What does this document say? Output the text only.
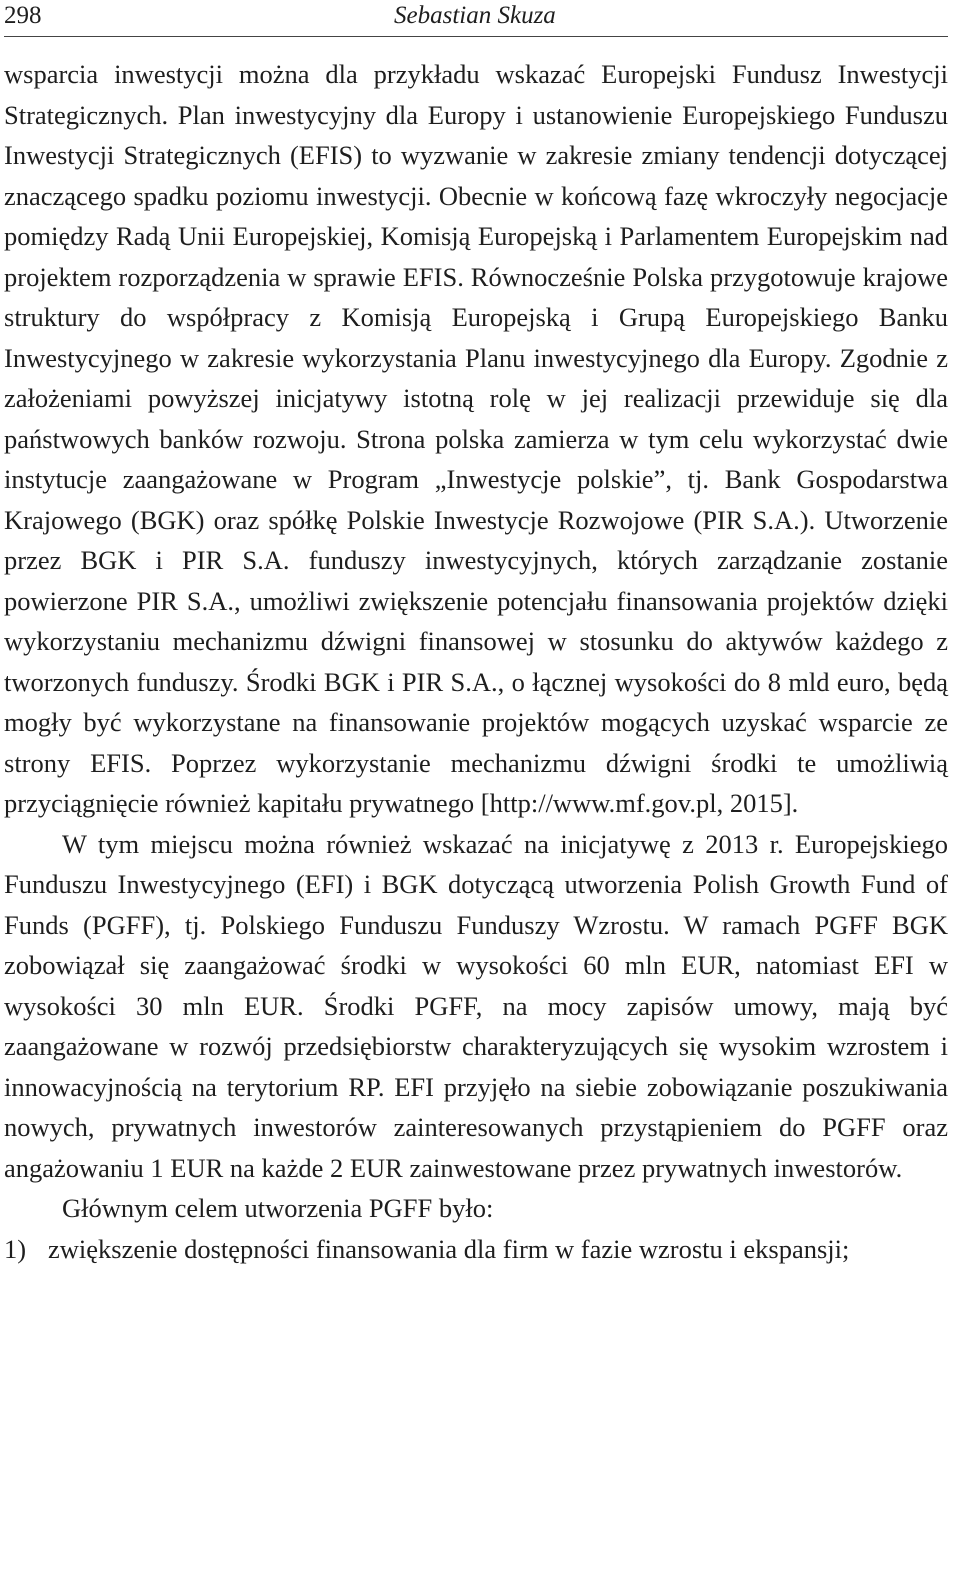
298	Sebastian Skuza

wsparcia inwestycji można dla przykładu wskazać Europejski Fundusz Inwestycji Strategicznych. Plan inwestycyjny dla Europy i ustanowienie Europejskiego Funduszu Inwestycji Strategicznych (EFIS) to wyzwanie w zakresie zmiany tendencji dotyczącej znaczącego spadku poziomu inwestycji. Obecnie w końcową fazę wkroczyły negocjacje pomiędzy Radą Unii Europejskiej, Komisją Europejską i Parlamentem Europejskim nad projektem rozporządzenia w sprawie EFIS. Równocześnie Polska przygotowuje krajowe struktury do współpracy z Komisją Europejską i Grupą Europejskiego Banku Inwestycyjnego w zakresie wykorzystania Planu inwestycyjnego dla Europy. Zgodnie z założeniami powyższej inicjatywy istotną rolę w jej realizacji przewiduje się dla państwowych banków rozwoju. Strona polska zamierza w tym celu wykorzystać dwie instytucje zaangażowane w Program „Inwestycje polskie”, tj. Bank Gospodarstwa Krajowego (BGK) oraz spółkę Polskie Inwestycje Rozwojowe (PIR S.A.). Utworzenie przez BGK i PIR S.A. funduszy inwestycyjnych, których zarządzanie zostanie powierzone PIR S.A., umożliwi zwiększenie potencjału finansowania projektów dzięki wykorzystaniu mechanizmu dźwigni finansowej w stosunku do aktywów każdego z tworzonych funduszy. Środki BGK i PIR S.A., o łącznej wysokości do 8 mld euro, będą mogły być wykorzystane na finansowanie projektów mogących uzyskać wsparcie ze strony EFIS. Poprzez wykorzystanie mechanizmu dźwigni środki te umożliwią przyciągnięcie również kapitału prywatnego [http://www.mf.gov.pl, 2015].

W tym miejscu można również wskazać na inicjatywę z 2013 r. Europejskiego Funduszu Inwestycyjnego (EFI) i BGK dotyczącą utworzenia Polish Growth Fund of Funds (PGFF), tj. Polskiego Funduszu Funduszy Wzrostu. W ramach PGFF BGK zobowiązał się zaangażować środki w wysokości 60 mln EUR, natomiast EFI w wysokości 30 mln EUR. Środki PGFF, na mocy zapisów umowy, mają być zaangażowane w rozwój przedsiębiorstw charakteryzujących się wysokim wzrostem i innowacyjnością na terytorium RP. EFI przyjęło na siebie zobowiązanie poszukiwania nowych, prywatnych inwestorów zainteresowanych przystąpieniem do PGFF oraz angażowaniu 1 EUR na każde 2 EUR zainwestowane przez prywatnych inwestorów.

Głównym celem utworzenia PGFF było:

1) zwiększenie dostępności finansowania dla firm w fazie wzrostu i ekspansji;
